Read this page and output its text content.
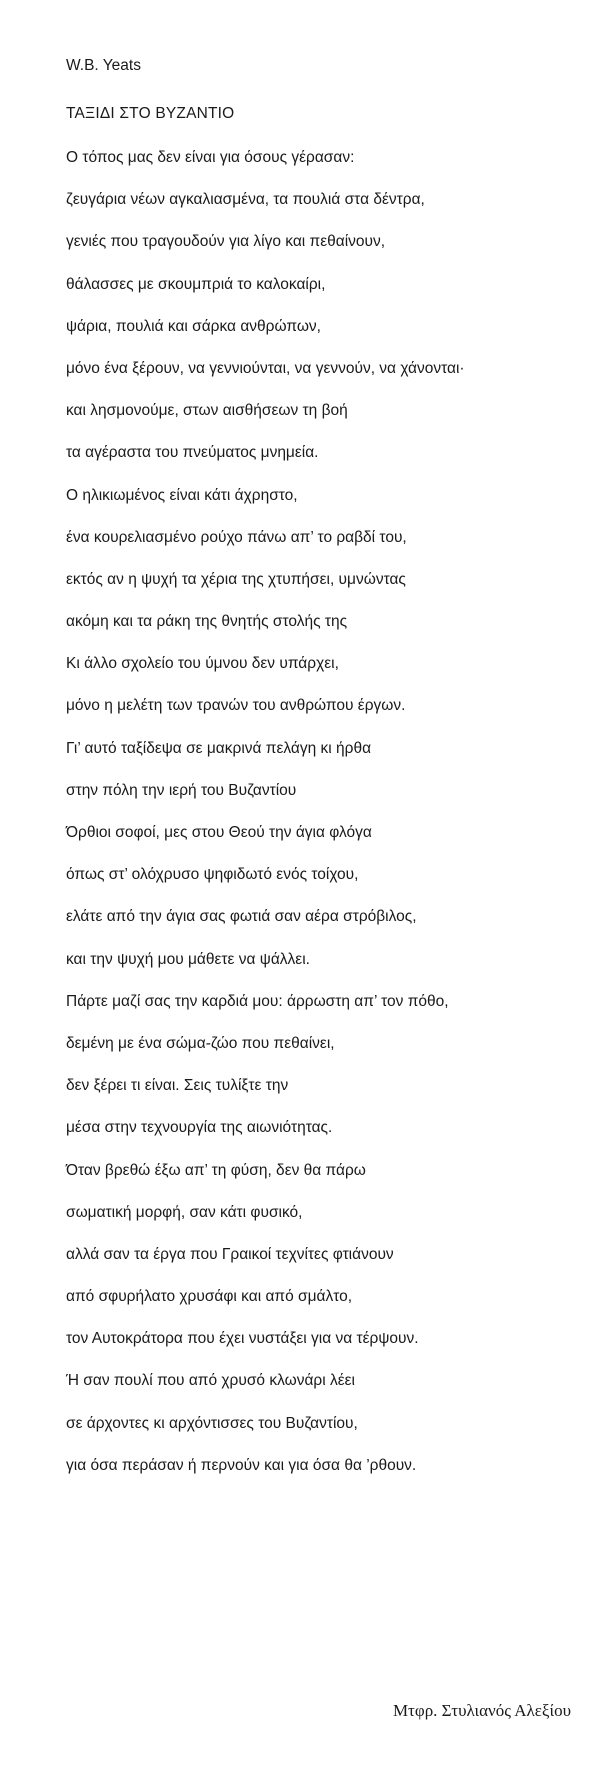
W.B. Yeats

ΤΑΞΙΔΙ ΣΤΟ ΒΥΖΑΝΤΙΟ

Ο τόπος μας δεν είναι για όσους γέρασαν:
ζευγάρια νέων αγκαλιασμένα, τα πουλιά στα δέντρα,
γενιές που τραγουδούν για λίγο και πεθαίνουν,
θάλασσες με σκουμπριά το καλοκαίρι,
ψάρια, πουλιά και σάρκα ανθρώπων,
μόνο ένα ξέρουν, να γεννιούνται, να γεννούν, να χάνονται·
και λησμονούμε, στων αισθήσεων τη βοή
τα αγέραστα του πνεύματος μνημεία.
Ο ηλικιωμένος είναι κάτι άχρηστο,
ένα κουρελιασμένο ρούχο πάνω απ’ το ραβδί του,
εκτός αν η ψυχή τα χέρια της χτυπήσει, υμνώντας
ακόμη και τα ράκη της θνητής στολής της
Κι άλλο σχολείο του ύμνου δεν υπάρχει,
μόνο η μελέτη των τρανών του ανθρώπου έργων.
Γι’ αυτό ταξίδεψα σε μακρινά πελάγη κι ήρθα
στην πόλη την ιερή του Βυζαντίου
Όρθιοι σοφοί, μες στου Θεού την άγια φλόγα
όπως στ’ ολόχρυσο ψηφιδωτό ενός τοίχου,
ελάτε από την άγια σας φωτιά σαν αέρα στρόβιλος,
και την ψυχή μου μάθετε να ψάλλει.
Πάρτε μαζί σας την καρδιά μου: άρρωστη απ’ τον πόθο,
δεμένη με ένα σώμα-ζώο που πεθαίνει,
δεν ξέρει τι είναι. Σεις τυλίξτε την
μέσα στην τεχνουργία της αιωνιότητας.
Όταν βρεθώ έξω απ’ τη φύση, δεν θα πάρω
σωματική μορφή, σαν κάτι φυσικό,
αλλά σαν τα έργα που Γραικοί τεχνίτες φτιάνουν
από σφυρήλατο χρυσάφι και από σμάλτο,
τον Αυτοκράτορα που έχει νυστάξει για να τέρψουν.
Ή σαν πουλί που από χρυσό κλωνάρι λέει
σε άρχοντες κι αρχόντισσες του Βυζαντίου,
για όσα περάσαν ή περνούν και για όσα θα ’ρθουν.

Μτφρ. Στυλιανός Αλεξίου
